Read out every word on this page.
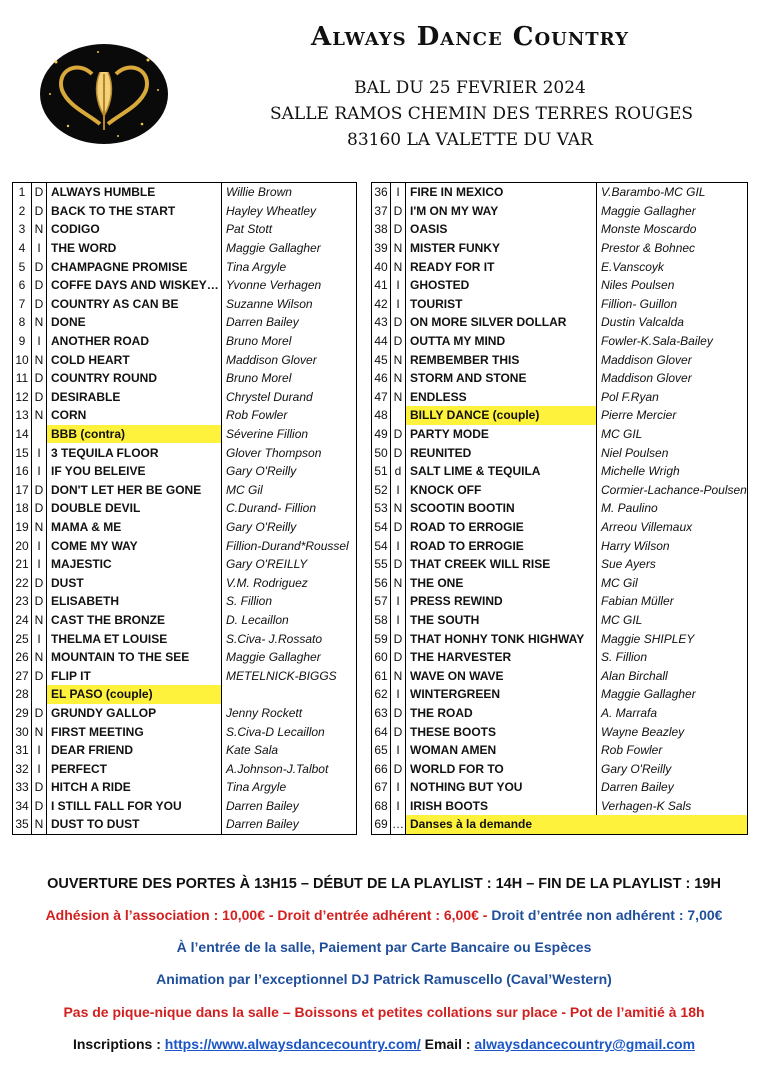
Always Dance Country
BAL DU 25 FEVRIER 2024
SALLE RAMOS CHEMIN DES TERRES ROUGES
83160 LA VALETTE DU VAR
1	D	ALWAYS HUMBLE	Willie Brown
2	D	BACK TO THE START	Hayley Wheatley
3	N	CODIGO	Pat Stott
4	I	THE WORD	Maggie Gallagher
5	D	CHAMPAGNE PROMISE	Tina Argyle
6	D	COFFE DAYS AND WISKEY…	Yvonne Verhagen
7	D	COUNTRY AS CAN BE	Suzanne Wilson
8	N	DONE	Darren Bailey
9	I	ANOTHER ROAD	Bruno Morel
10	N	COLD HEART	Maddison Glover
11	D	COUNTRY ROUND	Bruno Morel
12	D	DESIRABLE	Chrystel Durand
13	N	CORN	Rob Fowler
14		BBB (contra)	Séverine Fillion
15	I	3 TEQUILA FLOOR	Glover Thompson
16	I	IF YOU BELEIVE	Gary O'Reilly
17	D	DON'T LET HER BE GONE	MC Gil
18	D	DOUBLE DEVIL	C.Durand- Fillion
19	N	MAMA & ME	Gary O'Reilly
20	I	COME MY WAY	Fillion-Durand*Roussel
21	I	MAJESTIC	Gary O'REILLY
22	D	DUST	V.M. Rodriguez
23	D	ELISABETH	S. Fillion
24	N	CAST THE BRONZE	D. Lecaillon
25	I	THELMA ET LOUISE	S.Civa- J.Rossato
26	N	MOUNTAIN TO THE SEE	Maggie Gallagher
27	D	FLIP IT	METELNICK-BIGGS
28		EL PASO (couple)	
29	D	GRUNDY GALLOP	Jenny Rockett
30	N	FIRST MEETING	S.Civa-D Lecaillon
31	I	DEAR FRIEND	Kate Sala
32	I	PERFECT	A.Johnson-J.Talbot
33	D	HITCH A RIDE	Tina Argyle
34	D	I STILL FALL FOR YOU	Darren Bailey
35	N	DUST TO DUST	Darren Bailey
36	I	FIRE IN MEXICO	V.Barambo-MC GIL
37	D	I'M ON MY WAY	Maggie Gallagher
38	D	OASIS	Monste Moscardo
39	N	MISTER FUNKY	Prestor & Bohnec
40	N	READY FOR IT	E.Vanscoyk
41	I	GHOSTED	Niles Poulsen
42	I	TOURIST	Fillion- Guillon
43	D	ON MORE SILVER DOLLAR	Dustin Valcalda
44	D	OUTTA MY MIND	Fowler-K.Sala-Bailey
45	N	REMBEMBER THIS	Maddison Glover
46	N	STORM AND STONE	Maddison Glover
47	N	ENDLESS	Pol F.Ryan
48		BILLY DANCE (couple)	Pierre Mercier
49	D	PARTY MODE	MC GIL
50	D	REUNITED	Niel Poulsen
51	d	SALT LIME & TEQUILA	Michelle Wrigh
52	I	KNOCK OFF	Cormier-Lachance-Poulsen
53	N	SCOOTIN BOOTIN	M. Paulino
54	D	ROAD TO ERROGIE	Arreou Villemaux
54	I	ROAD TO ERROGIE	Harry Wilson
55	D	THAT CREEK WILL RISE	Sue Ayers
56	N	THE ONE	MC Gil
57	I	PRESS REWIND	Fabian Müller
58	I	THE SOUTH	MC GIL
59	D	THAT HONHY TONK HIGHWAY	Maggie SHIPLEY
60	D	THE HARVESTER	S. Fillion
61	N	WAVE ON WAVE	Alan Birchall
62	I	WINTERGREEN	Maggie Gallagher
63	D	THE ROAD	A. Marrafa
64	D	THESE BOOTS	Wayne Beazley
65	I	WOMAN AMEN	Rob Fowler
66	D	WORLD FOR TO	Gary O'Reilly
67	I	NOTHING BUT YOU	Darren Bailey
68	I	IRISH BOOTS	Verhagen-K Sals
69	…	Danses à la demande	
OUVERTURE DES PORTES À 13H15 – DÉBUT DE LA PLAYLIST : 14H – FIN DE LA PLAYLIST : 19H
Adhésion à l’association : 10,00€ - Droit d’entrée adhérent : 6,00€ - Droit d’entrée non adhérent : 7,00€
À l’entrée de la salle, Paiement par Carte Bancaire ou Espèces
Animation par l’exceptionnel DJ Patrick Ramuscello (Caval’Western)
Pas de pique-nique dans la salle – Boissons et petites collations sur place - Pot de l’amitié à 18h
Inscriptions : https://www.alwaysdancecountry.com/ Email : alwaysdancecountry@gmail.com
